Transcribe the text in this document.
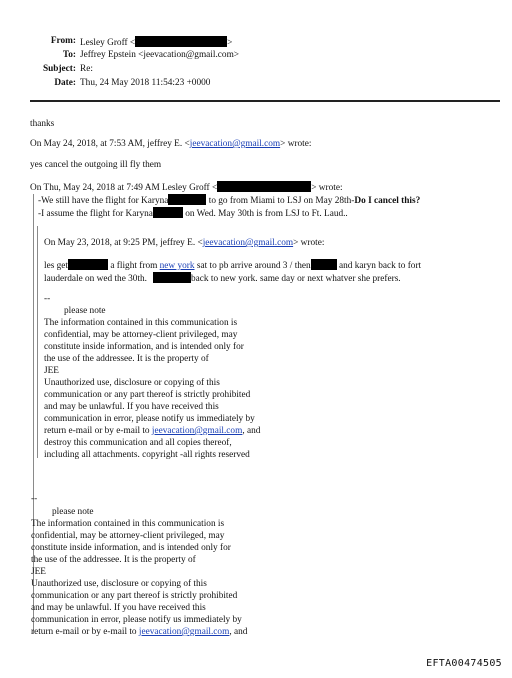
From: Lesley Groff <	>
To: Jeffrey Epstein <jeevacation@gmail.com>
Subject: Re:
Date: Thu, 24 May 2018 11:54:23 +0000
thanks
On May 24, 2018, at 7:53 AM, jeffrey E. <jeevacation@gmail.com> wrote:
yes cancel the outgoing ill fly them
On Thu, May 24, 2018 at 7:49 AM Lesley Groff <	> wrote:
-We still have the flight for Karyna	to go from Miami to LSJ on May 28th-Do I cancel this?
-I assume the flight for Karyna	on Wed. May 30th is from LSJ to Ft. Laud..
On May 23, 2018, at 9:25 PM, jeffrey E. <jeevacation@gmail.com> wrote:
les get	a flight from new york sat to pb arrive around 3 / then	and karyn back to fort
lauderdale on wed the 30th.	back to new york. same day or next whatver she prefers.
--
please note
The information contained in this communication is
confidential, may be attorney-client privileged, may
constitute inside information, and is intended only for
the use of the addressee. It is the property of
JEE
Unauthorized use, disclosure or copying of this
communication or any part thereof is strictly prohibited
and may be unlawful. If you have received this
communication in error, please notify us immediately by
return e-mail or by e-mail to jeevacation@gmail.com, and
destroy this communication and all copies thereof,
including all attachments. copyright -all rights reserved
--
please note
The information contained in this communication is
confidential, may be attorney-client privileged, may
constitute inside information, and is intended only for
the use of the addressee. It is the property of
JEE
Unauthorized use, disclosure or copying of this
communication or any part thereof is strictly prohibited
and may be unlawful. If you have received this
communication in error, please notify us immediately by
return e-mail or by e-mail to jeevacation@gmail.com, and
EFTA00474505
